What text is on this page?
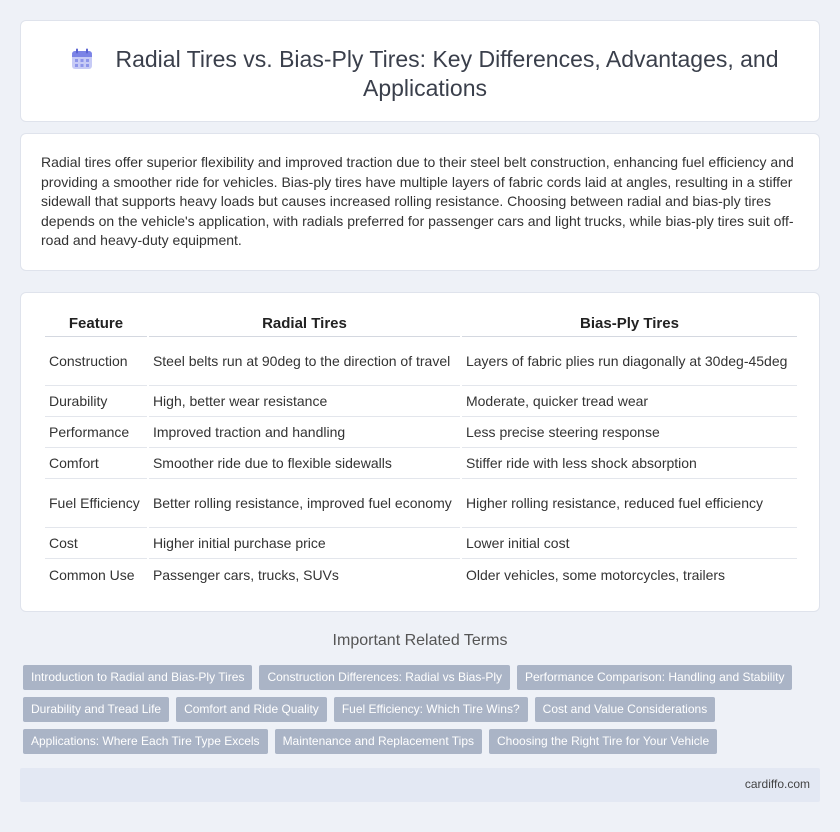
Radial Tires vs. Bias-Ply Tires: Key Differences, Advantages, and Applications

Radial tires offer superior flexibility and improved traction due to their steel belt construction, enhancing fuel efficiency and providing a smoother ride for vehicles. Bias-ply tires have multiple layers of fabric cords laid at angles, resulting in a stiffer sidewall that supports heavy loads but causes increased rolling resistance. Choosing between radial and bias-ply tires depends on the vehicle's application, with radials preferred for passenger cars and light trucks, while bias-ply tires suit off-road and heavy-duty equipment.

Feature	Radial Tires	Bias-Ply Tires
Construction	Steel belts run at 90deg to the direction of travel	Layers of fabric plies run diagonally at 30deg-45deg
Durability	High, better wear resistance	Moderate, quicker tread wear
Performance	Improved traction and handling	Less precise steering response
Comfort	Smoother ride due to flexible sidewalls	Stiffer ride with less shock absorption
Fuel Efficiency	Better rolling resistance, improved fuel economy	Higher rolling resistance, reduced fuel efficiency
Cost	Higher initial purchase price	Lower initial cost
Common Use	Passenger cars, trucks, SUVs	Older vehicles, some motorcycles, trailers
Important Related Terms
Introduction to Radial and Bias-Ply Tires Construction Differences: Radial vs Bias-Ply Performance Comparison: Handling and Stability
Durability and Tread Life Comfort and Ride Quality Fuel Efficiency: Which Tire Wins? Cost and Value Considerations
Applications: Where Each Tire Type Excels Maintenance and Replacement Tips Choosing the Right Tire for Your Vehicle
cardiffo.com
